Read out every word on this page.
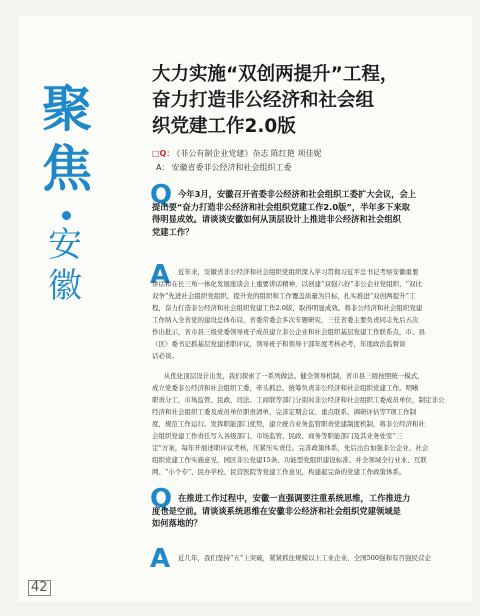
聚
焦
安
徽
大力实施“双创两提升”工程，
奋力打造非公经济和社会组
织党建工作2.0版
□Q： 《非公有制企业党建》杂志 陈红艳 项佳妮
A： 安徽省委非公经济和社会组织工委
Q 今年3月，安徽召开省委非公经济和社会组织工委扩大会议，会上
提出要“奋力打造非公经济和社会组织党建工作2.0版”，半年多下来取
得明显成效。请谈谈安徽如何从顶层设计上推进非公经济和社会组织
党建工作？
A 近年来，安徽省非公经济和社会组织党组织深入学习贯彻习近平总书记考察安徽重要
讲话和在长三角一体化发展座谈会上重要讲话精神，以创建“双强六好”非公企业党组织、“双比
双争”先进社会组织党组织，提升党的组织和工作覆盖质量为目标，扎实推进“双创两提升”工
程，奋力打造非公经济和社会组织党建工作2.0版，取得明显成效。将非公经济和社会组织党建
工作纳入全省党的建设总体布局，省委常委会多次专题研究，三任省委主要负责同志先后五次
作出批示，省市县三级党委领导班子成员建立非公企业和社会组织基层党建工作联系点，市、县
（区）委书记抓基层党建述职评议，领导班子和领导干部年度考核必考，年度政治监督谈
话必谈。
从优化顶层设计出发，我们探索了一系列做法。健全领导机制，省市县三级按照统一模式，
成立党委非公经济和社会组织工委，牵头抓总，统筹负责非公经济和社会组织党建工作。明晰
职责分工，市场监管、民政、司法、工商联等部门分别对非公经济和社会组织工委成员单位，制定非公
经济和社会组织工委及成员单位职责清单，完善定期会议、重点联系、调研评估等7项工作制
度，规范工作运行。发挥职能部门优势，建立统合业务监管职责党建制度机制，将非公经济和社
会组织党建工作责任写入各级部门、市场监管、民政、商务等职能部门及其业务处室“三
定”方案，每年开展述职评议考核，压紧压实责任。完善政策体系，先后出台加强非公企业、社会
组织党建工作实施意见，园区非公党建15条、功能型党组织建设标准、并全领域全行业业、互联
网、“小个专”、民办学校、民营医院等党建工作意见，构建起完备的党建工作政策体系。
Q 在推进工作过程中，安徽一直强调要注重系统思维，工作推进力
度也是空前。请谈谈系统思维在安徽非公经济和社会组织党建领域是
如何落地的？
A 近几年，我们坚持“五”上突破，紧紧抓住规模以上工业企业、全国500强和有百强民营企
42
